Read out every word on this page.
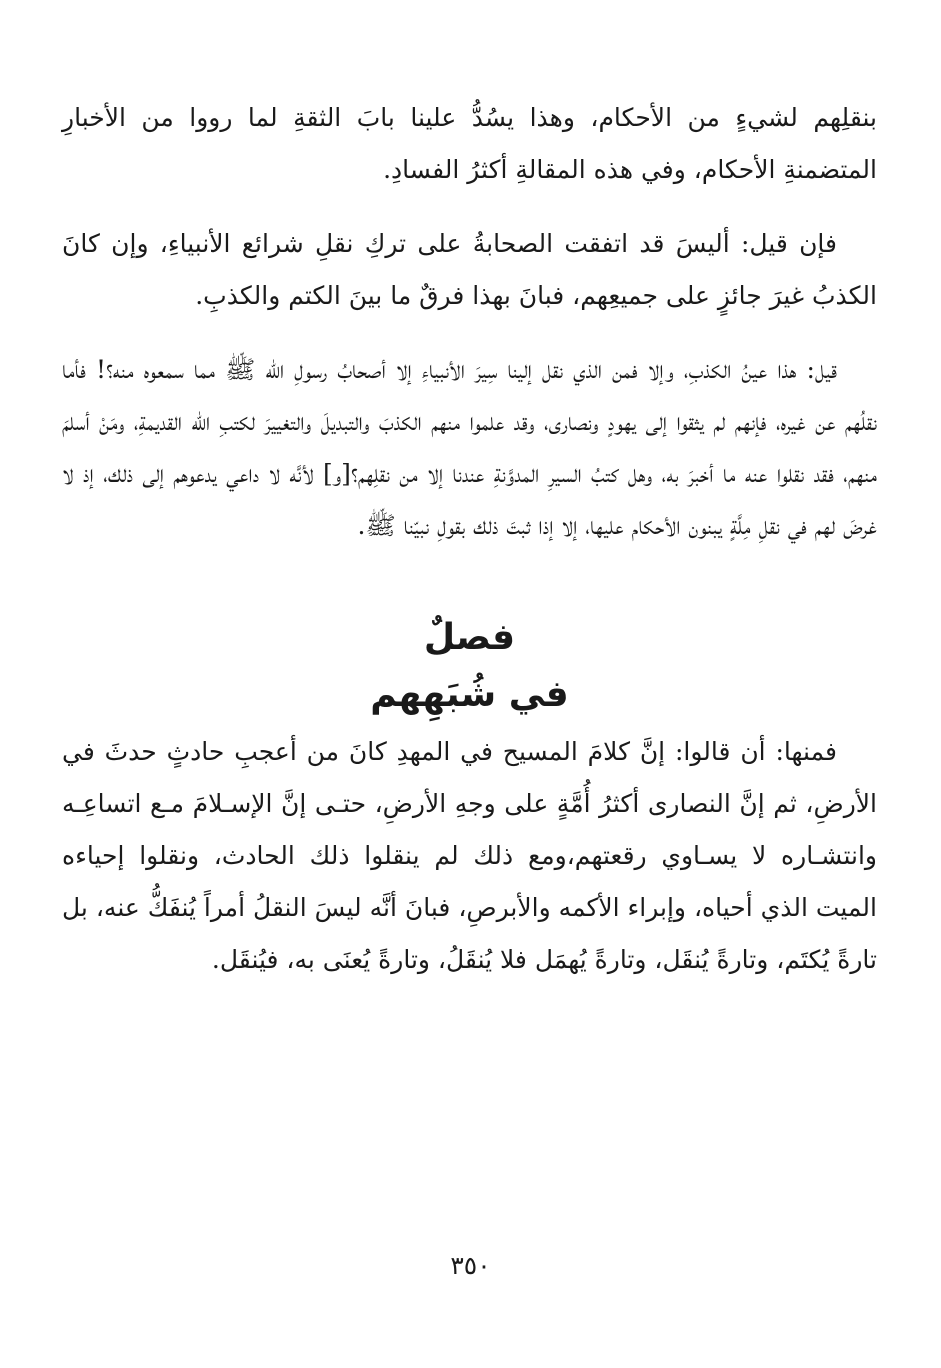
بنقلِهم لشيءٍ من الأحكام، وهذا يسُدُّ علينا بابَ الثقةِ لما رووا من الأخبارِ المتضمنةِ الأحكام، وفي هذه المقالةِ أكثرُ الفسادِ.

فإن قيل: أليسَ قد اتفقت الصحابةُ على تركِ نقلِ شرائع الأنبياءِ، وإن كانَ الكذبُ غيرَ جائزٍ على جميعِهم، فبانَ بهذا فرقٌ ما بينَ الكتم والكذبِ.

قيل: هذا عينُ الكذبِ، وإلا فمن الذي نقل إلينا سِيرَ الأنبياءِ إلا أصحابُ رسولِ الله ﷺ مما سمعوه منه؟! فأما نقلُهم عن غيره، فإنهم لم يثقوا إلى يهودٍ ونصارى، وقد علموا منهم الكذبَ والتبديلَ والتغييرَ لكتبِ الله القديمةِ، ومَنْ أسلمَ منهم، فقد نقلوا عنه ما أخبرَ به، وهل كتبُ السيرِ المدوَّنةِ عندنا إلا من نقلِهم؟[و] لأنَّه لا داعي يدعوهم إلى ذلك، إذ لا غرضَ لهم في نقلِ مِلَّةٍ يبنون الأحكام عليها، إلا إذا ثبتَ ذلك بقولِ نبيّنا ﷺ.

فصلٌ
في شُبَهِهم

فمنها: أن قالوا: إنَّ كلامَ المسيح في المهدِ كانَ من أعجبِ حادثٍ حدثَ في الأرضِ، ثم إنَّ النصارى أكثرُ أُمَّةٍ على وجهِ الأرضِ، حتـى إنَّ الإسـلامَ مـع اتساعِـه وانتشـاره لا يسـاوي رقعتهم،ومع ذلك لم ينقلوا ذلك الحادث، ونقلوا إحياءه الميت الذي أحياه، وإبراء الأكمه والأبرصِ، فبانَ أنَّه ليسَ النقلُ أمراً يُنفَكُّ عنه، بل تارةً يُكتَم، وتارةً يُنقَل، وتارةً يُهمَل فلا يُنقَلُ، وتارةً يُعنَى به، فيُنقَل.

٣٥٠
